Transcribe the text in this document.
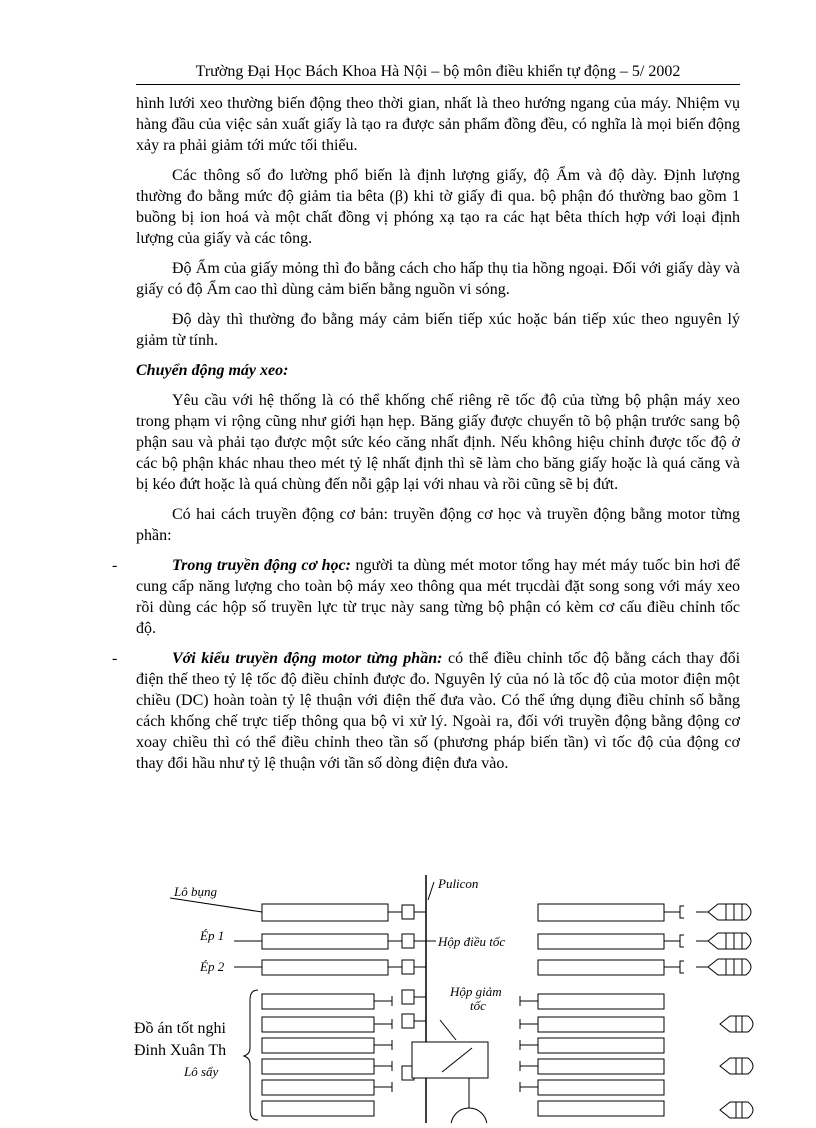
Trường Đại Học Bách Khoa Hà Nội – bộ môn điều khiển tự động – 5/ 2002

hình lưới xeo thường biến động theo thời gian, nhất là theo hướng ngang của máy. Nhiệm vụ hàng đầu của việc sản xuất giấy là tạo ra được sản phẩm đồng đều, có nghĩa là mọi biến động xảy ra phải giảm tới mức tối thiểu.

Các thông số đo lường phổ biến là định lượng giấy, độ Ẩm và độ dày. Định lượng thường đo bằng mức độ giảm tia bêta (β) khi tờ giấy đi qua. bộ phận đó thường bao gồm 1 buồng bị ion hoá và một chất đồng vị phóng xạ tạo ra các hạt bêta thích hợp với loại định lượng của giấy và các tông.

Độ Ẩm của giấy mỏng thì đo bằng cách cho hấp thụ tia hồng ngoại. Đối với giấy dày và giấy có độ Ẩm cao thì dùng cảm biến bằng nguồn vi sóng.

Độ dày thì thường đo bằng máy cảm biến tiếp xúc hoặc bán tiếp xúc theo nguyên lý giảm từ tính.

Chuyển động máy xeo:

Yêu cầu với hệ thống là có thể khống chế riêng rẽ tốc độ của từng bộ phận máy xeo trong phạm vi rộng cũng như giới hạn hẹp. Băng giấy được chuyển tõ bộ phận trước sang bộ phận sau và phải tạo được một sức kéo căng nhất định. Nếu không hiệu chỉnh được tốc độ ở các bộ phận khác nhau theo mét tỷ lệ nhất định thì sẽ làm cho băng giấy hoặc là quá căng và bị kéo đứt hoặc là quá chùng đến nỗi gập lại với nhau và rồi cũng sẽ bị đứt.

Có hai cách truyền động cơ bản: truyền động cơ học và truyền động bằng motor từng phần:

-	Trong truyền động cơ học: người ta dùng mét motor tổng hay mét máy tuốc bin hơi để cung cấp năng lượng cho toàn bộ máy xeo thông qua mét trụcdài đặt song song với máy xeo rồi dùng các hộp số truyền lực từ trục này sang từng bộ phận có kèm cơ cấu điều chỉnh tốc độ.
-	Với kiểu truyền động motor từng phần: có thể điều chỉnh tốc độ bằng cách thay đổi điện thế theo tỷ lệ tốc độ điều chỉnh được đo. Nguyên lý của nó là tốc độ của motor điện một chiều (DC) hoàn toàn tỷ lệ thuận với điện thế đưa vào. Có thể ứng dụng điều chỉnh số bằng cách khống chế trực tiếp thông qua bộ vi xử lý. Ngoài ra, đối với truyền động bằng động cơ xoay chiều thì có thể điều chỉnh theo tần số (phương pháp biến tần) vì tốc độ của động cơ thay đổi hầu như tỷ lệ thuận với tần số dòng điện đưa vào.
Pulicon
Lô bụng
Ép 1
Ép 2
Hộp điều tốc
Hộp giảm
tốc
Lô sấy
Đồ án tốt nghi
Đinh Xuân Th
